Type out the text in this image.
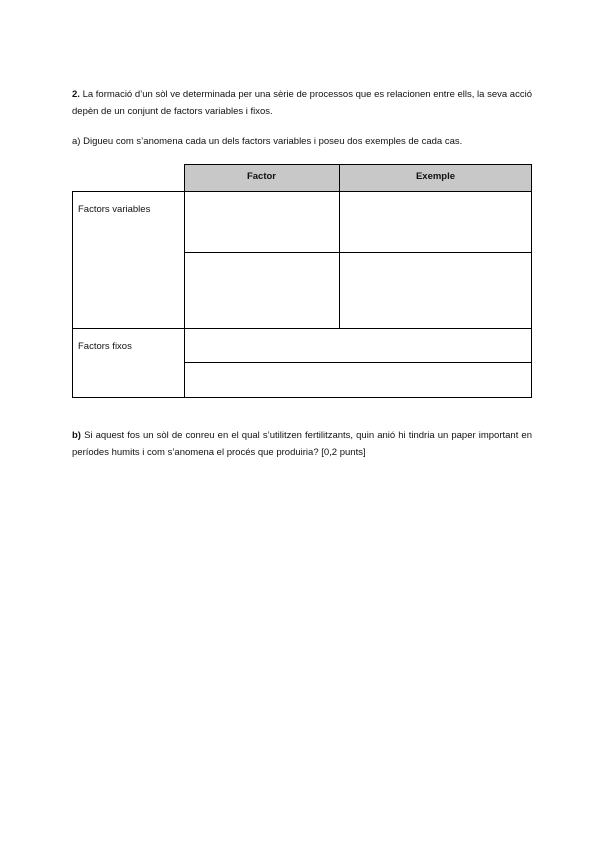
2. La formació d’un sòl ve determinada per una sèrie de processos que es relacionen entre ells, la seva acció depèn de un conjunt de factors variables i fixos.
a) Digueu com s’anomena cada un dels factors variables i poseu dos exemples de cada cas.
Factor	Exemple
Factors variables
Factors fixos
b) Si aquest fos un sòl de conreu en el qual s’utilitzen fertilitzants, quin anió hi tindria un paper important en períodes humits i com s’anomena el procés que produiria? [0,2 punts]
